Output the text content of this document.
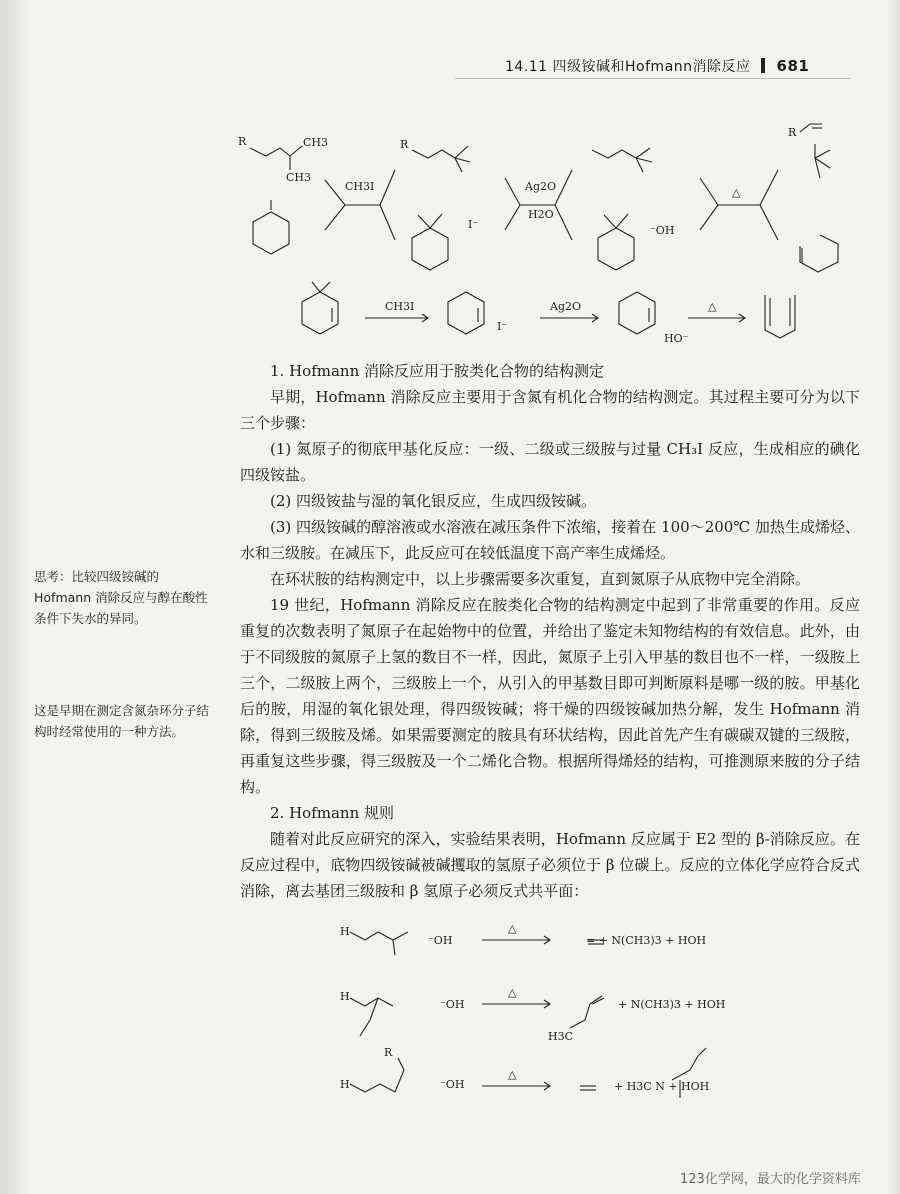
14.11 四级铵碱和Hofmann消除反应 681
R	CH3
CH3
CH3I
R
I⁻
Ag2O
H2O
⁻OH
△
R
CH3I
I⁻
Ag2O
HO⁻
△

1. Hofmann 消除反应用于胺类化合物的结构测定

早期，Hofmann 消除反应主要用于含氮有机化合物的结构测定。其过程主要可分为以下三个步骤：

(1) 氮原子的彻底甲基化反应：一级、二级或三级胺与过量 CH₃I 反应，生成相应的碘化四级铵盐。

(2) 四级铵盐与湿的氧化银反应，生成四级铵碱。

(3) 四级铵碱的醇溶液或水溶液在减压条件下浓缩，接着在 100～200℃ 加热生成烯烃、水和三级胺。在减压下，此反应可在较低温度下高产率生成烯烃。

在环状胺的结构测定中，以上步骤需要多次重复，直到氮原子从底物中完全消除。

19 世纪，Hofmann 消除反应在胺类化合物的结构测定中起到了非常重要的作用。反应重复的次数表明了氮原子在起始物中的位置，并给出了鉴定未知物结构的有效信息。此外，由于不同级胺的氮原子上氢的数目不一样，因此，氮原子上引入甲基的数目也不一样，一级胺上三个，二级胺上两个，三级胺上一个，从引入的甲基数目即可判断原料是哪一级的胺。甲基化后的胺，用湿的氧化银处理，得四级铵碱；将干燥的四级铵碱加热分解，发生 Hofmann 消除，得到三级胺及烯。如果需要测定的胺具有环状结构，因此首先产生有碳碳双键的三级胺，再重复这些步骤，得三级胺及一个二烯化合物。根据所得烯烃的结构，可推测原来胺的分子结构。

2. Hofmann 规则

随着对此反应研究的深入，实验结果表明，Hofmann 反应属于 E2 型的 β-消除反应。在反应过程中，底物四级铵碱被碱攫取的氢原子必须位于 β 位碳上。反应的立体化学应符合反式消除，离去基团三级胺和 β 氢原子必须反式共平面：

思考：比较四级铵碱的 Hofmann 消除反应与醇在酸性条件下失水的异同。
这是早期在测定含氮杂环分子结构时经常使用的一种方法。
H
⁻OH
△
= + N(CH3)3 + HOH
H
⁻OH
△
H3C
+ N(CH3)3 + HOH
R
H	⁻OH
△
+ H3C N + HOH
123化学网，最大的化学资料库
